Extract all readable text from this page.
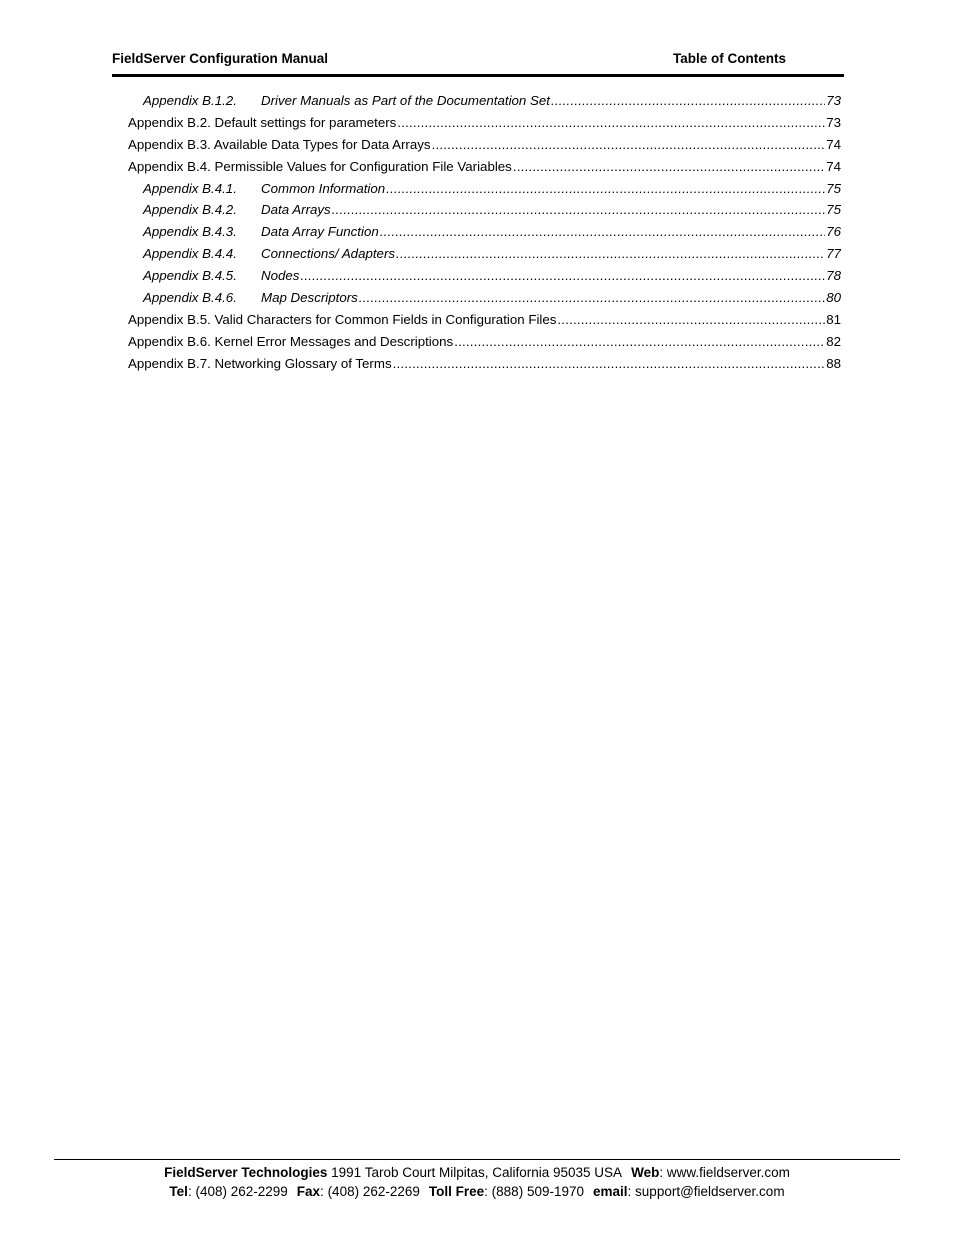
FieldServer Configuration Manual	Table of Contents
Appendix B.1.2.	Driver Manuals as Part of the Documentation Set .....	73
Appendix B.2. Default settings for parameters .....	73
Appendix B.3. Available Data Types for Data Arrays .....	74
Appendix B.4. Permissible Values for Configuration File Variables .....	74
Appendix B.4.1.	Common Information .....	75
Appendix B.4.2.	Data Arrays .....	75
Appendix B.4.3.	Data Array Function .....	76
Appendix B.4.4.	Connections/ Adapters .....	77
Appendix B.4.5.	Nodes .....	78
Appendix B.4.6.	Map Descriptors .....	80
Appendix B.5. Valid Characters for Common Fields in Configuration Files .....	81
Appendix B.6. Kernel Error Messages and Descriptions .....	82
Appendix B.7. Networking Glossary of Terms .....	88
FieldServer Technologies 1991 Tarob Court Milpitas, California 95035 USA Web: www.fieldserver.com
Tel: (408) 262-2299 Fax: (408) 262-2269 Toll Free: (888) 509-1970 email: support@fieldserver.com
